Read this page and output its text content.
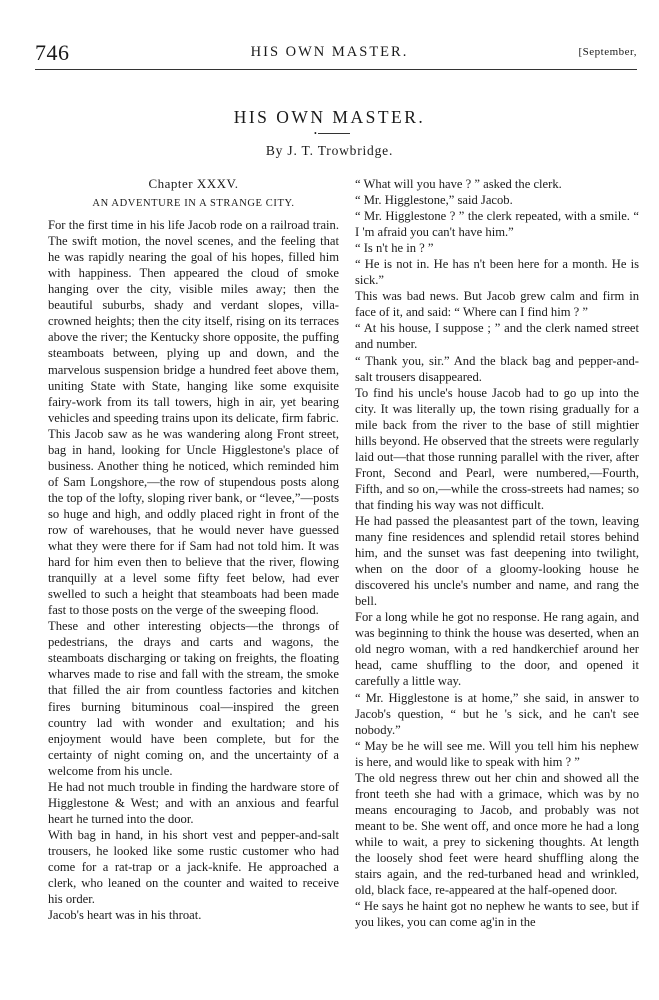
746	HIS OWN MASTER.	[September,
HIS OWN MASTER.
•
By J. T. Trowbridge.
Chapter XXXV.
AN ADVENTURE IN A STRANGE CITY.

For the first time in his life Jacob rode on a railroad train. The swift motion, the novel scenes, and the feeling that he was rapidly nearing the goal of his hopes, filled him with happiness. Then appeared the cloud of smoke hanging over the city, visible miles away; then the beautiful suburbs, shady and verdant slopes, villa-crowned heights; then the city itself, rising on its terraces above the river; the Kentucky shore opposite, the puffing steamboats between, plying up and down, and the marvelous suspension bridge a hundred feet above them, uniting State with State, hanging like some exquisite fairy-work from its tall towers, high in air, yet bearing vehicles and speeding trains upon its delicate, firm fabric.

This Jacob saw as he was wandering along Front street, bag in hand, looking for Uncle Higglestone's place of business. Another thing he noticed, which reminded him of Sam Longshore,—the row of stupendous posts along the top of the lofty, sloping river bank, or “levee,”—posts so huge and high, and oddly placed right in front of the row of warehouses, that he would never have guessed what they were there for if Sam had not told him. It was hard for him even then to believe that the river, flowing tranquilly at a level some fifty feet below, had ever swelled to such a height that steamboats had been made fast to those posts on the verge of the sweeping flood.

These and other interesting objects—the throngs of pedestrians, the drays and carts and wagons, the steamboats discharging or taking on freights, the floating wharves made to rise and fall with the stream, the smoke that filled the air from countless factories and kitchen fires burning bituminous coal—inspired the green country lad with wonder and exultation; and his enjoyment would have been complete, but for the certainty of night coming on, and the uncertainty of a welcome from his uncle.

He had not much trouble in finding the hardware store of Higglestone & West; and with an anxious and fearful heart he turned into the door.

With bag in hand, in his short vest and pepper-and-salt trousers, he looked like some rustic customer who had come for a rat-trap or a jack-knife. He approached a clerk, who leaned on the counter and waited to receive his order.

Jacob's heart was in his throat.

“ What will you have ? ” asked the clerk.

“ Mr. Higglestone,” said Jacob.

“ Mr. Higglestone ? ” the clerk repeated, with a smile. “ I 'm afraid you can't have him.”

“ Is n't he in ? ”

“ He is not in. He has n't been here for a month. He is sick.”

This was bad news. But Jacob grew calm and firm in face of it, and said: “ Where can I find him ? ”

“ At his house, I suppose ; ” and the clerk named street and number.

“ Thank you, sir.” And the black bag and pepper-and-salt trousers disappeared.

To find his uncle's house Jacob had to go up into the city. It was literally up, the town rising gradually for a mile back from the river to the base of still mightier hills beyond. He observed that the streets were regularly laid out—that those running parallel with the river, after Front, Second and Pearl, were numbered,—Fourth, Fifth, and so on,—while the cross-streets had names; so that finding his way was not difficult.

He had passed the pleasantest part of the town, leaving many fine residences and splendid retail stores behind him, and the sunset was fast deepening into twilight, when on the door of a gloomy-looking house he discovered his uncle's number and name, and rang the bell.

For a long while he got no response. He rang again, and was beginning to think the house was deserted, when an old negro woman, with a red handkerchief around her head, came shuffling to the door, and opened it carefully a little way.

“ Mr. Higglestone is at home,” she said, in answer to Jacob's question, “ but he 's sick, and he can't see nobody.”

“ May be he will see me. Will you tell him his nephew is here, and would like to speak with him ? ”

The old negress threw out her chin and showed all the front teeth she had with a grimace, which was by no means encouraging to Jacob, and probably was not meant to be. She went off, and once more he had a long while to wait, a prey to sickening thoughts. At length the loosely shod feet were heard shuffling along the stairs again, and the red-turbaned head and wrinkled, old, black face, re-appeared at the half-opened door.

“ He says he haint got no nephew he wants to see, but if you likes, you can come ag'in in the
